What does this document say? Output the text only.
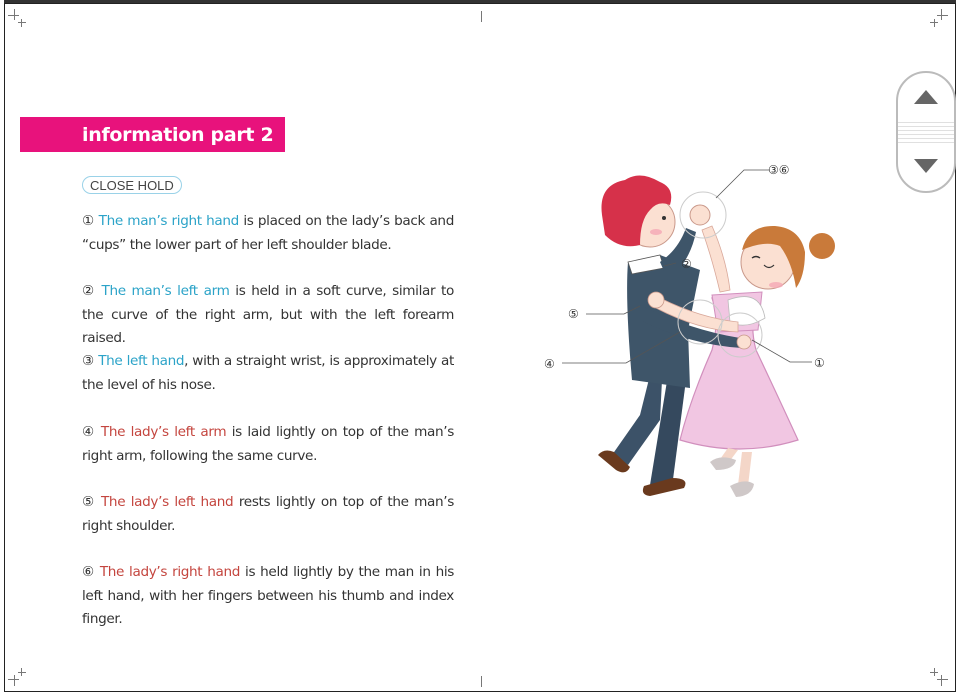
information part 2
CLOSE HOLD
① The man’s right hand is placed on the lady’s back and “cups” the lower part of her left shoulder blade.
② The man’s left arm is held in a soft curve, similar to the curve of the right arm, but with the left forearm raised.
③ The left hand, with a straight wrist, is approximately at the level of his nose.
④ The lady’s left arm is laid lightly on top of the man’s right arm, following the same curve.
⑤ The lady’s left hand rests lightly on top of the man’s right shoulder.
⑥ The lady’s right hand is held lightly by the man in his left hand, with her fingers between his thumb and index finger.
③⑥
②
⑤
④	①
